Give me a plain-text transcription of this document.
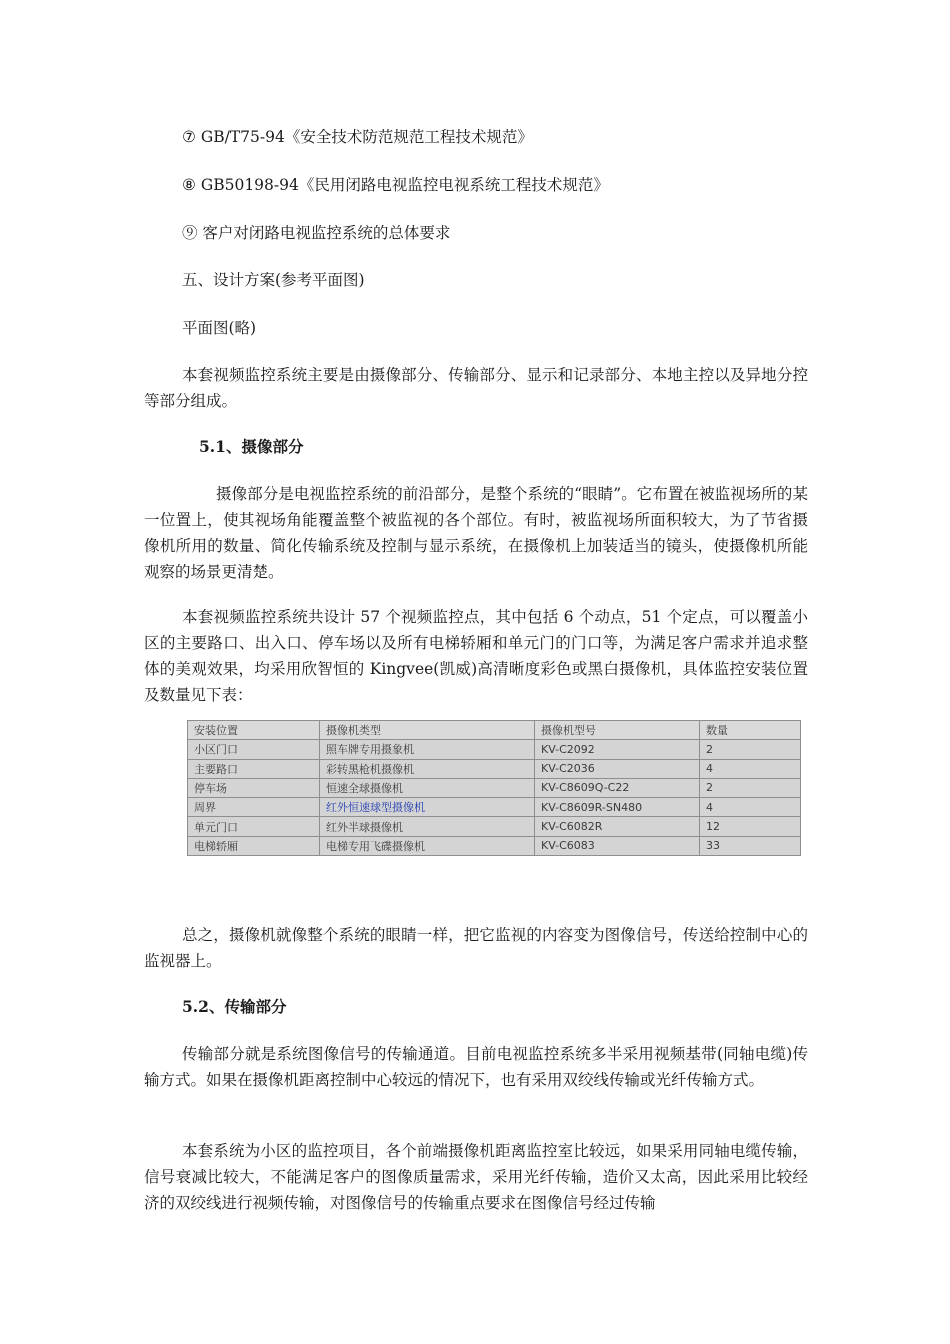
⑦ GB/T75-94《安全技术防范规范工程技术规范》

⑧ GB50198-94《民用闭路电视监控电视系统工程技术规范》

⑨ 客户对闭路电视监控系统的总体要求

五、设计方案(参考平面图)

平面图(略)

本套视频监控系统主要是由摄像部分、传输部分、显示和记录部分、本地主控以及异地分控等部分组成。

5.1、摄像部分

摄像部分是电视监控系统的前沿部分，是整个系统的“眼睛”。它布置在被监视场所的某一位置上，使其视场角能覆盖整个被监视的各个部位。有时，被监视场所面积较大，为了节省摄像机所用的数量、简化传输系统及控制与显示系统，在摄像机上加装适当的镜头，使摄像机所能观察的场景更清楚。

本套视频监控系统共设计 57 个视频监控点，其中包括 6 个动点，51 个定点，可以覆盖小区的主要路口、出入口、停车场以及所有电梯轿厢和单元门的门口等，为满足客户需求并追求整体的美观效果，均采用欣智恒的 Kingvee(凯威)高清晰度彩色或黑白摄像机，具体监控安装位置及数量见下表：

安装位置	摄像机类型	摄像机型号	数量
小区门口	照车牌专用摄象机	KV-C2092	2
主要路口	彩转黑枪机摄像机	KV-C2036	4
停车场	恒速全球摄像机	KV-C8609Q-C22	2
周界	红外恒速球型摄像机	KV-C8609R-SN480	4
单元门口	红外半球摄像机	KV-C6082R	12
电梯轿厢	电梯专用飞碟摄像机	KV-C6083	33

总之，摄像机就像整个系统的眼睛一样，把它监视的内容变为图像信号，传送给控制中心的监视器上。

5.2、传输部分

传输部分就是系统图像信号的传输通道。目前电视监控系统多半采用视频基带(同轴电缆)传输方式。如果在摄像机距离控制中心较远的情况下，也有采用双绞线传输或光纤传输方式。

本套系统为小区的监控项目，各个前端摄像机距离监控室比较远，如果采用同轴电缆传输，信号衰减比较大，不能满足客户的图像质量需求，采用光纤传输，造价又太高，因此采用比较经济的双绞线进行视频传输，对图像信号的传输重点要求在图像信号经过传输
